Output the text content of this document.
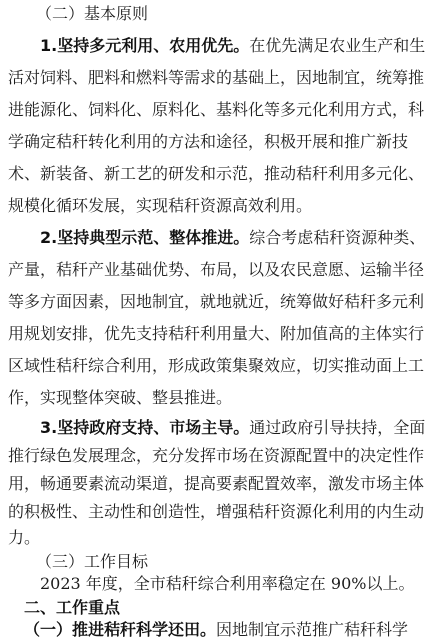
（二）基本原则
1.坚持多元利用、农用优先。在优先满足农业生产和生
活对饲料、肥料和燃料等需求的基础上，因地制宜，统筹推
进能源化、饲料化、原料化、基料化等多元化利用方式，科
学确定秸秆转化利用的方法和途径，积极开展和推广新技
术、新装备、新工艺的研发和示范，推动秸秆利用多元化、
规模化循环发展，实现秸秆资源高效利用。
2.坚持典型示范、整体推进。综合考虑秸秆资源种类、
产量，秸秆产业基础优势、布局，以及农民意愿、运输半径
等多方面因素，因地制宜，就地就近，统筹做好秸秆多元利
用规划安排，优先支持秸秆利用量大、附加值高的主体实行
区域性秸秆综合利用，形成政策集聚效应，切实推动面上工
作，实现整体突破、整县推进。
3.坚持政府支持、市场主导。通过政府引导扶持，全面
推行绿色发展理念，充分发挥市场在资源配置中的决定性作
用，畅通要素流动渠道，提高要素配置效率，激发市场主体
的积极性、主动性和创造性，增强秸秆资源化利用的内生动
力。
（三）工作目标
2023 年度，全市秸秆综合利用率稳定在 90%以上。
二、工作重点
（一）推进秸秆科学还田。因地制宜示范推广秸秆科学
